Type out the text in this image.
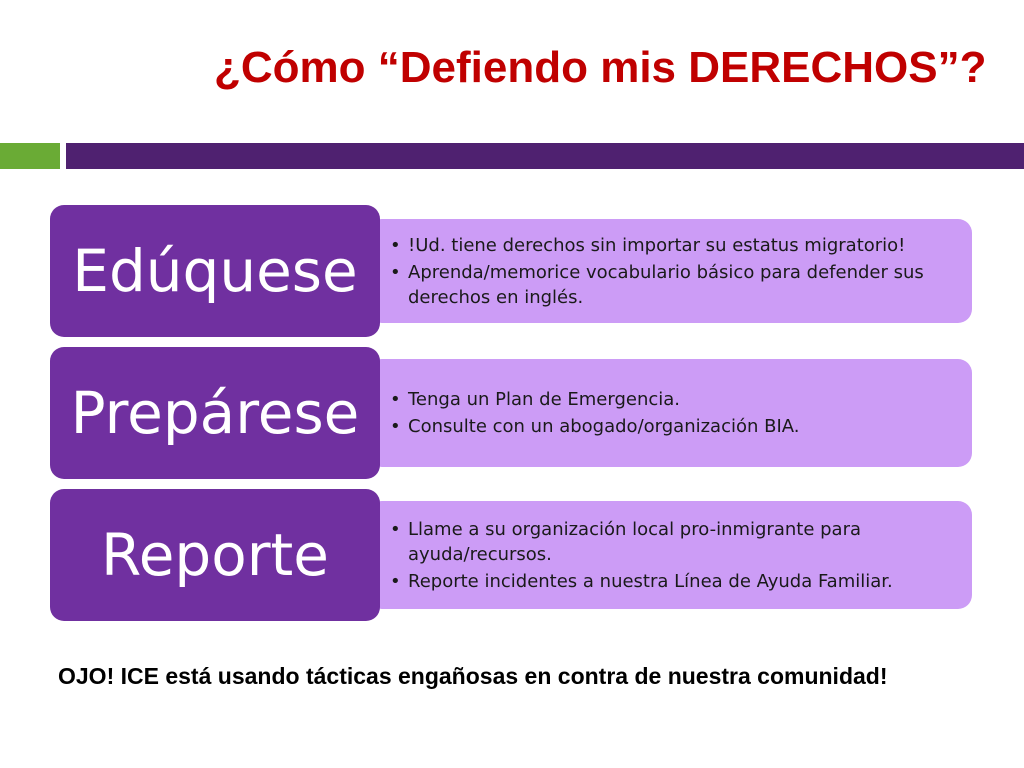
¿Cómo “Defiendo mis DERECHOS”?
Edúquese	• !Ud. tiene derechos sin importar su estatus migratorio!
• Aprenda/memorice vocabulario básico para defender sus derechos en inglés.
Prepárese	• Tenga un Plan de Emergencia.
• Consulte con un abogado/organización BIA.
Reporte	• Llame a su organización local pro-inmigrante para ayuda/recursos.
• Reporte incidentes a nuestra Línea de Ayuda Familiar.
OJO! ICE está usando tácticas engañosas en contra de nuestra comunidad!
